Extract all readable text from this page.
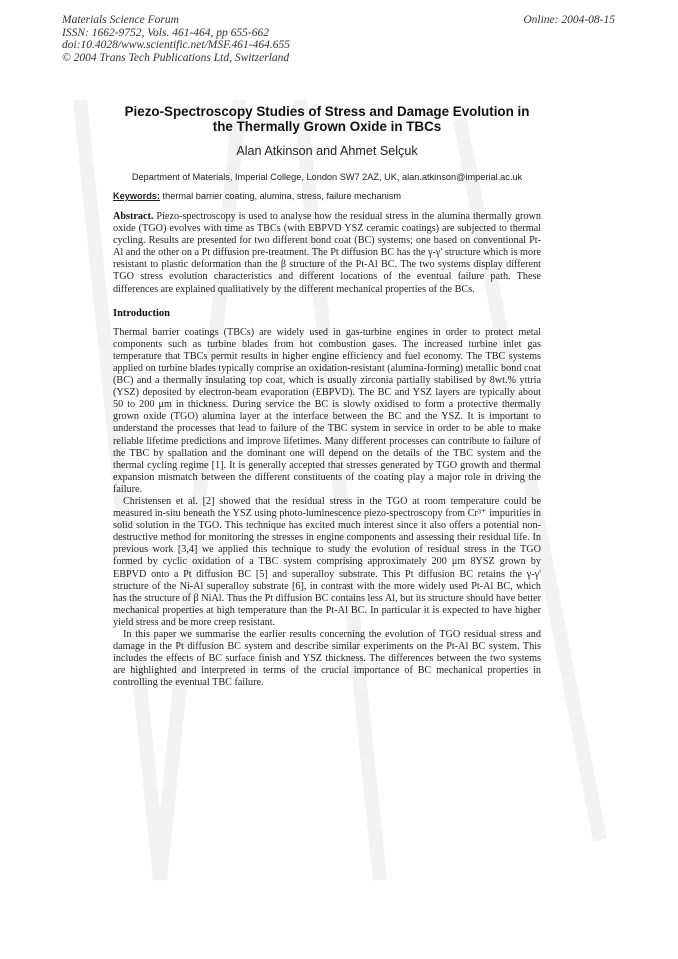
Materials Science Forum
ISSN: 1662-9752, Vols. 461-464, pp 655-662
doi:10.4028/www.scientific.net/MSF.461-464.655
© 2004 Trans Tech Publications Ltd, Switzerland
Online: 2004-08-15
Piezo-Spectroscopy Studies of Stress and Damage Evolution in the Thermally Grown Oxide in TBCs
Alan Atkinson and Ahmet Selçuk
Department of Materials, Imperial College, London SW7 2AZ, UK, alan.atkinson@imperial.ac.uk
Keywords: thermal barrier coating, alumina, stress, failure mechanism
Abstract. Piezo-spectroscopy is used to analyse how the residual stress in the alumina thermally grown oxide (TGO) evolves with time as TBCs (with EBPVD YSZ ceramic coatings) are subjected to thermal cycling. Results are presented for two different bond coat (BC) systems; one based on conventional Pt-Al and the other on a Pt diffusion pre-treatment. The Pt diffusion BC has the γ-γ' structure which is more resistant to plastic deformation than the β structure of the Pt-Al BC. The two systems display different TGO stress evolution characteristics and different locations of the eventual failure path. These differences are explained qualitatively by the different mechanical properties of the BCs.
Introduction

Thermal barrier coatings (TBCs) are widely used in gas-turbine engines in order to protect metal components such as turbine blades from hot combustion gases. The increased turbine inlet gas temperature that TBCs permit results in higher engine efficiency and fuel economy. The TBC systems applied on turbine blades typically comprise an oxidation-resistant (alumina-forming) metallic bond coat (BC) and a thermally insulating top coat, which is usually zirconia partially stabilised by 8wt.% yttria (YSZ) deposited by electron-beam evaporation (EBPVD). The BC and YSZ layers are typically about 50 to 200 μm in thickness. During service the BC is slowly oxidised to form a protective thermally grown oxide (TGO) alumina layer at the interface between the BC and the YSZ. It is important to understand the processes that lead to failure of the TBC system in service in order to be able to make reliable lifetime predictions and improve lifetimes. Many different processes can contribute to failure of the TBC by spallation and the dominant one will depend on the details of the TBC system and the thermal cycling regime [1]. It is generally accepted that stresses generated by TGO growth and thermal expansion mismatch between the different constituents of the coating play a major role in driving the failure.

Christensen et al. [2] showed that the residual stress in the TGO at room temperature could be measured in-situ beneath the YSZ using photo-luminescence piezo-spectroscopy from Cr³⁺ impurities in solid solution in the TGO. This technique has excited much interest since it also offers a potential non-destructive method for monitoring the stresses in engine components and assessing their residual life. In previous work [3,4] we applied this technique to study the evolution of residual stress in the TGO formed by cyclic oxidation of a TBC system comprising approximately 200 μm 8YSZ grown by EBPVD onto a Pt diffusion BC [5] and superalloy substrate. This Pt diffusion BC retains the γ-γ' structure of the Ni-Al superalloy substrate [6], in contrast with the more widely used Pt-Al BC, which has the structure of β NiAl. Thus the Pt diffusion BC contains less Al, but its structure should have better mechanical properties at high temperature than the Pt-Al BC. In particular it is expected to have higher yield stress and be more creep resistant.

In this paper we summarise the earlier results concerning the evolution of TGO residual stress and damage in the Pt diffusion BC system and describe similar experiments on the Pt-Al BC system. This includes the effects of BC surface finish and YSZ thickness. The differences between the two systems are highlighted and interpreted in terms of the crucial importance of BC mechanical properties in controlling the eventual TBC failure.
